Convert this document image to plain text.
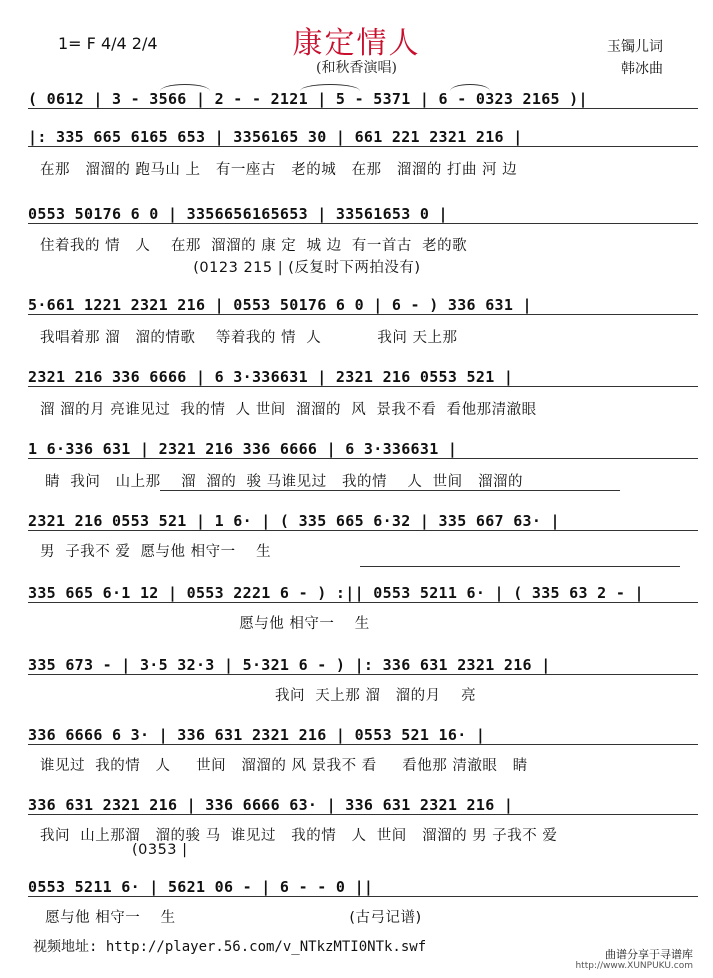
康定情人
(和秋香演唱)
1= F 4/4 2/4	玉镯儿词
韩冰曲
( 0612 | 3 - 3566 | 2 - - 2121 | 5 - 5371 | 6 - 0323 2165 )|
|: 335 665 6165 653 | 3356165 30 | 661 221 2321 216 |
在那   溜溜的 跑马山 上   有一座古   老的城   在那   溜溜的 打曲 河 边
0553 50176 6 0 | 3356656165653 | 33561653 0 |
住着我的 情   人    在那  溜溜的 康 定  城 边  有一首古  老的歌
(0123 215 | (反复时下两拍没有)
5·661 1221 2321 216 | 0553 50176 6 0 | 6 - ) 336 631 |
我唱着那 溜   溜的情歌    等着我的 情  人           我问 天上那
2321 216 336 6666 | 6 3·336631 | 2321 216 0553 521 |
溜 溜的月 亮谁见过  我的情  人 世间  溜溜的  风  景我不看  看他那清澈眼
1 6·336 631 | 2321 216 336 6666 | 6 3·336631 |
睛  我问   山上那    溜  溜的  骏 马谁见过   我的情    人  世间   溜溜的
2321 216 0553 521 | 1 6· | ( 335 665 6·32 | 335 667 63· |
男  子我不 爱  愿与他 相守一    生
335 665 6·1 12 | 0553 2221 6 - ) :|| 0553 5211 6· | ( 335 63 2 - |
愿与他 相守一    生
335 673 - | 3·5 32·3 | 5·321 6 - ) |: 336 631 2321 216 |
我问  天上那 溜   溜的月    亮
336 6666 6 3· | 336 631 2321 216 | 0553 521 16· |
谁见过  我的情   人     世间   溜溜的 风 景我不 看     看他那 清澈眼   睛
336 631 2321 216 | 336 6666 63· | 336 631 2321 216 |
我问  山上那溜   溜的骏 马  谁见过   我的情   人  世间   溜溜的 男 子我不 爱
(0353 |
0553 5211 6· | 5621 06 - | 6 - - 0 ||
愿与他 相守一    生                                  (古弓记谱)
视频地址: http://player.56.com/v_NTkzMTI0NTk.swf	曲谱分享于寻谱库
http://www.XUNPUKU.com
